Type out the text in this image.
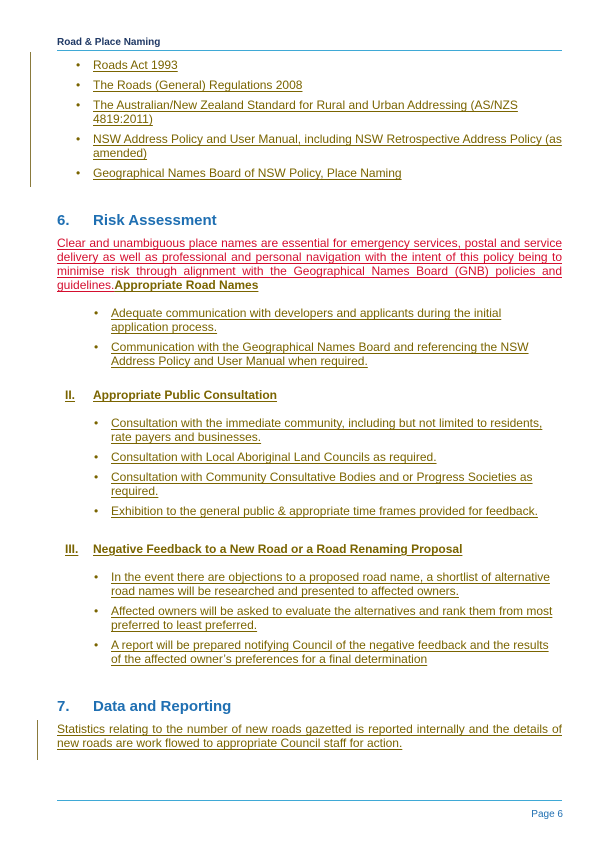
Road & Place Naming
• Roads Act 1993
• The Roads (General) Regulations 2008
• The Australian/New Zealand Standard for Rural and Urban Addressing (AS/NZS 4819:2011)
• NSW Address Policy and User Manual, including NSW Retrospective Address Policy (as amended)
• Geographical Names Board of NSW Policy, Place Naming
6. Risk Assessment
Clear and unambiguous place names are essential for emergency services, postal and service delivery as well as professional and personal navigation with the intent of this policy being to minimise risk through alignment with the Geographical Names Board (GNB) policies and guidelines.Appropriate Road Names
• Adequate communication with developers and applicants during the initial application process.
• Communication with the Geographical Names Board and referencing the NSW Address Policy and User Manual when required.
II. Appropriate Public Consultation
• Consultation with the immediate community, including but not limited to residents, rate payers and businesses.
• Consultation with Local Aboriginal Land Councils as required.
• Consultation with Community Consultative Bodies and or Progress Societies as required.
• Exhibition to the general public & appropriate time frames provided for feedback.
III. Negative Feedback to a New Road or a Road Renaming Proposal
• In the event there are objections to a proposed road name, a shortlist of alternative road names will be researched and presented to affected owners.
• Affected owners will be asked to evaluate the alternatives and rank them from most preferred to least preferred.
• A report will be prepared notifying Council of the negative feedback and the results of the affected owner’s preferences for a final determination
7. Data and Reporting
Statistics relating to the number of new roads gazetted is reported internally and the details of new roads are work flowed to appropriate Council staff for action.
Page 6
